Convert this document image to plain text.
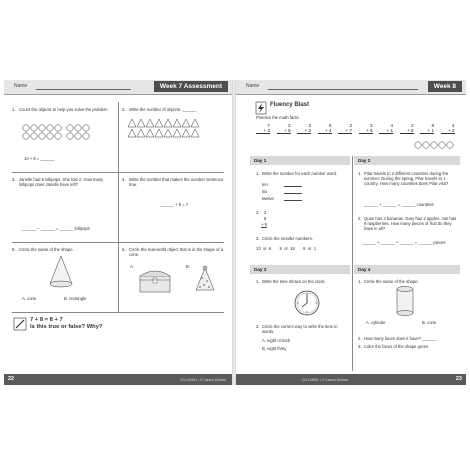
Name	Week 7 Assessment
1. Count the objects to help you solve the problem.
10 + 8 = ______
2. Write the number of objects. ______
3. Janelle had 9 lollipops. She lost 2. How many lollipops does Janelle have left?
______ − ______ = ______ lollipops
4. Write the number that makes the number sentence true.
______ + 5 = 7
5. Circle the name of the shape.
A. cone	B. rectangle
6. Circle the real-world object that is in the shape of a cone.
A.	B.
7 + 8 = 8 + 7
Is this true or false? Why?
22	CD-104951 • © Carson-Dellosa
Name	Week 8
Fluency Blast
Practice the math facts.
7
+ 2
2
+ 6
2
+ 2
5
+ 4
2
+ 7
3
+ 5
4
+ 1
2
+ 8
8
+ 1
4
+ 2
Day 1	Day 2
1. Write the number for each number word.
ten
six
twelve
2. 2
8
+ 9
3. Circle the smaller numbers.
13  or  6       9  or  18       9  or  1
1. Pilar travels to 2 different countries during the summer. During the spring, Pilar travels to 1 country. How many countries does Pilar visit?
______ + ______ = ______ countries
2. Quan has 3 bananas. Gary has 2 apples. Jan has 9 raspberries. How many pieces of fruit do they have in all?
______ + ______ + ______ = ______ pieces
Day 3	Day 4
1. Write the time shown on the clock.
12
3
6
9
2. Circle the correct way to write the time in words.
A. eight o'clock
B. eight thirty
1. Circle the name of the shape.
A. cylinder	B. cone
2. How many faces does it have? ______
3. Color the faces of the shape green.
CD-104951 • © Carson-Dellosa	23
